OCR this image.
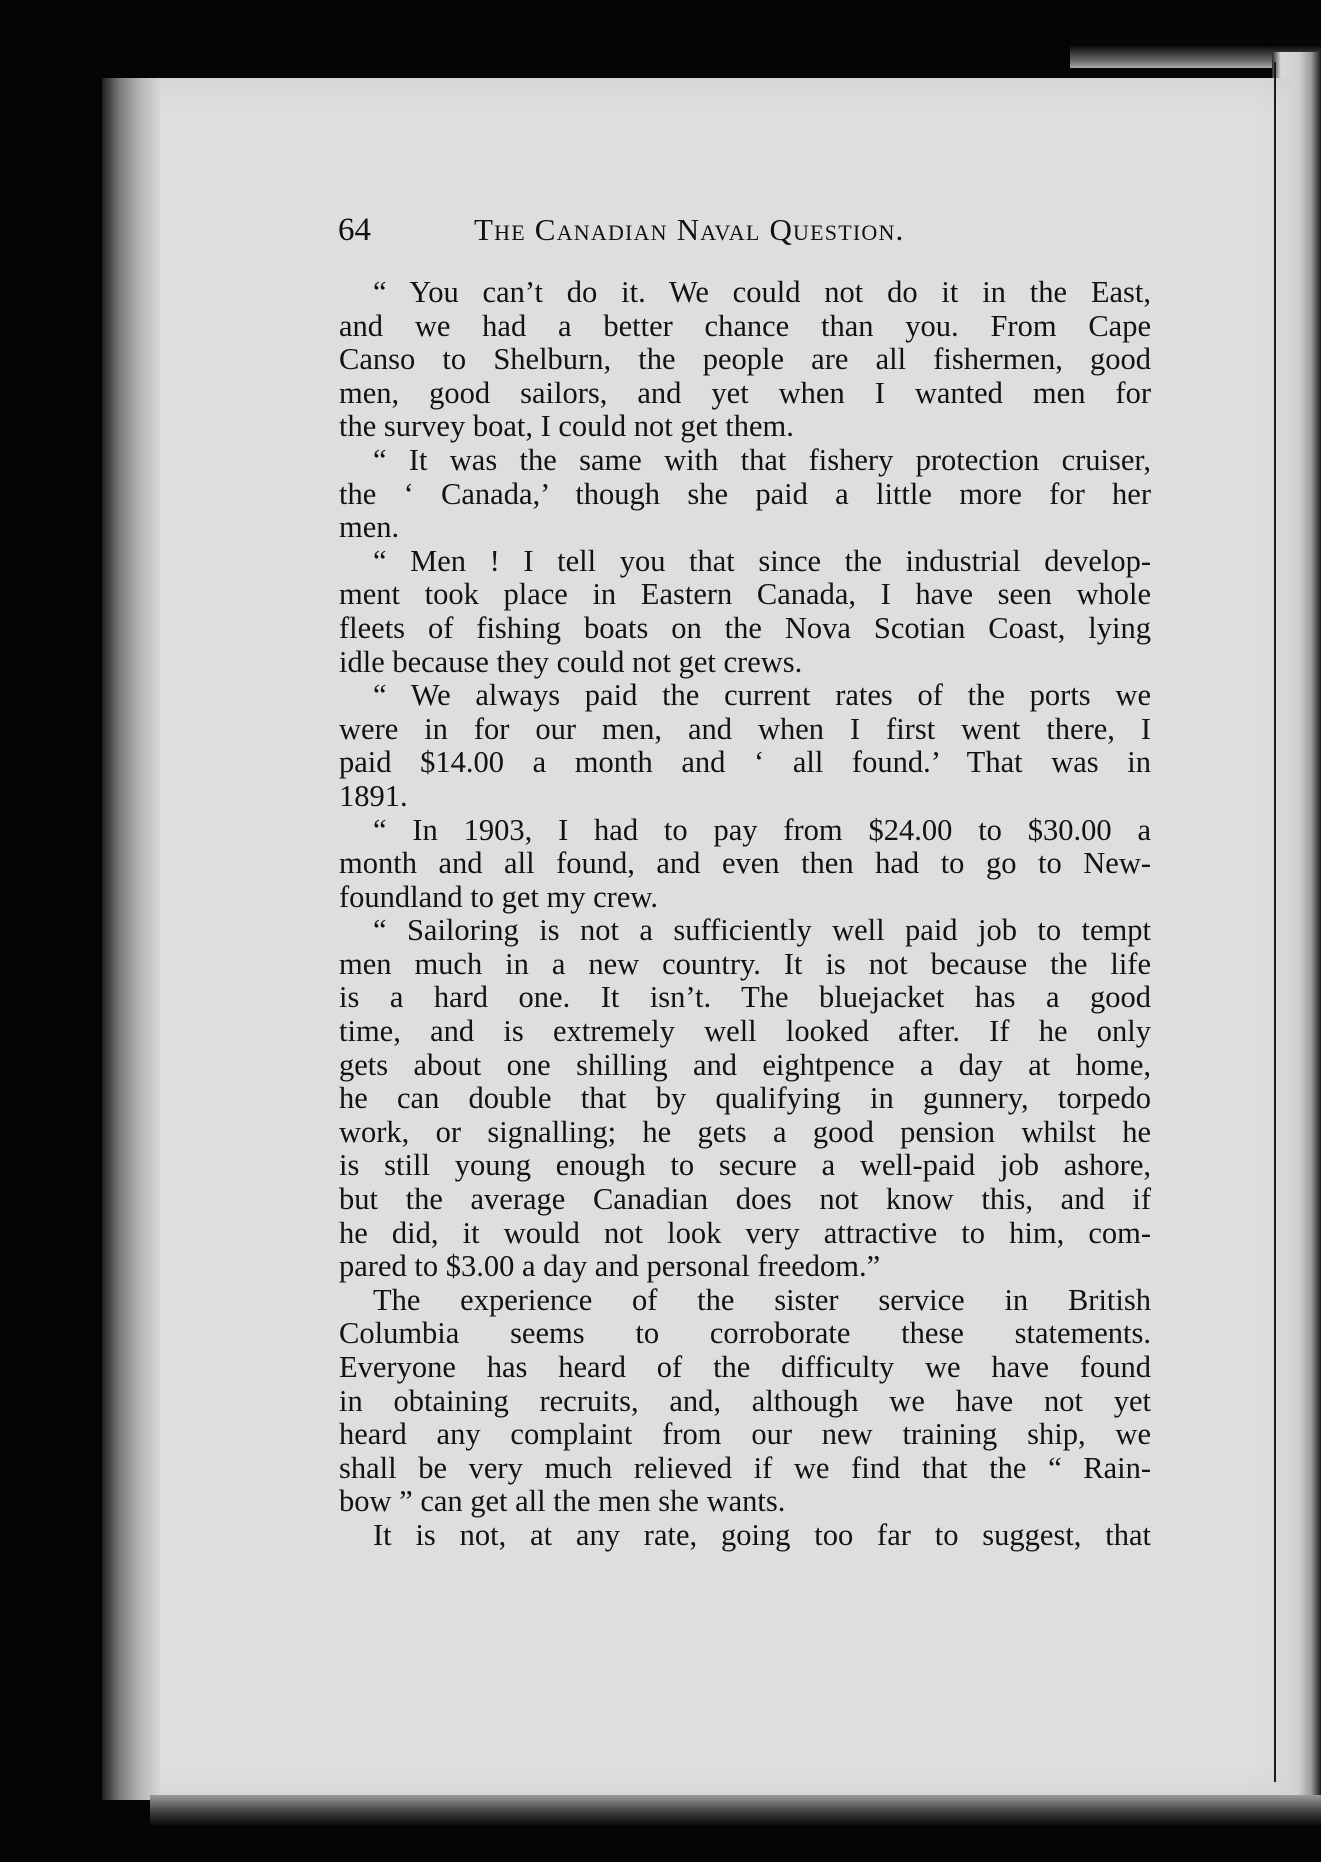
64	The Canadian Naval Question.
“ You can’t do it. We could not do it in the East,
and we had a better chance than you. From Cape
Canso to Shelburn, the people are all fishermen, good
men, good sailors, and yet when I wanted men for
the survey boat, I could not get them.
“ It was the same with that fishery protection cruiser,
the ‘ Canada,’ though she paid a little more for her
men.
“ Men ! I tell you that since the industrial develop-
ment took place in Eastern Canada, I have seen whole
fleets of fishing boats on the Nova Scotian Coast, lying
idle because they could not get crews.
“ We always paid the current rates of the ports we
were in for our men, and when I first went there, I
paid $14.00 a month and ‘ all found.’ That was in
1891.
“ In 1903, I had to pay from $24.00 to $30.00 a
month and all found, and even then had to go to New-
foundland to get my crew.
“ Sailoring is not a sufficiently well paid job to tempt
men much in a new country. It is not because the life
is a hard one. It isn’t. The bluejacket has a good
time, and is extremely well looked after. If he only
gets about one shilling and eightpence a day at home,
he can double that by qualifying in gunnery, torpedo
work, or signalling; he gets a good pension whilst he
is still young enough to secure a well-paid job ashore,
but the average Canadian does not know this, and if
he did, it would not look very attractive to him, com-
pared to $3.00 a day and personal freedom.”
The experience of the sister service in British
Columbia seems to corroborate these statements.
Everyone has heard of the difficulty we have found
in obtaining recruits, and, although we have not yet
heard any complaint from our new training ship, we
shall be very much relieved if we find that the “ Rain-
bow ” can get all the men she wants.
It is not, at any rate, going too far to suggest, that
